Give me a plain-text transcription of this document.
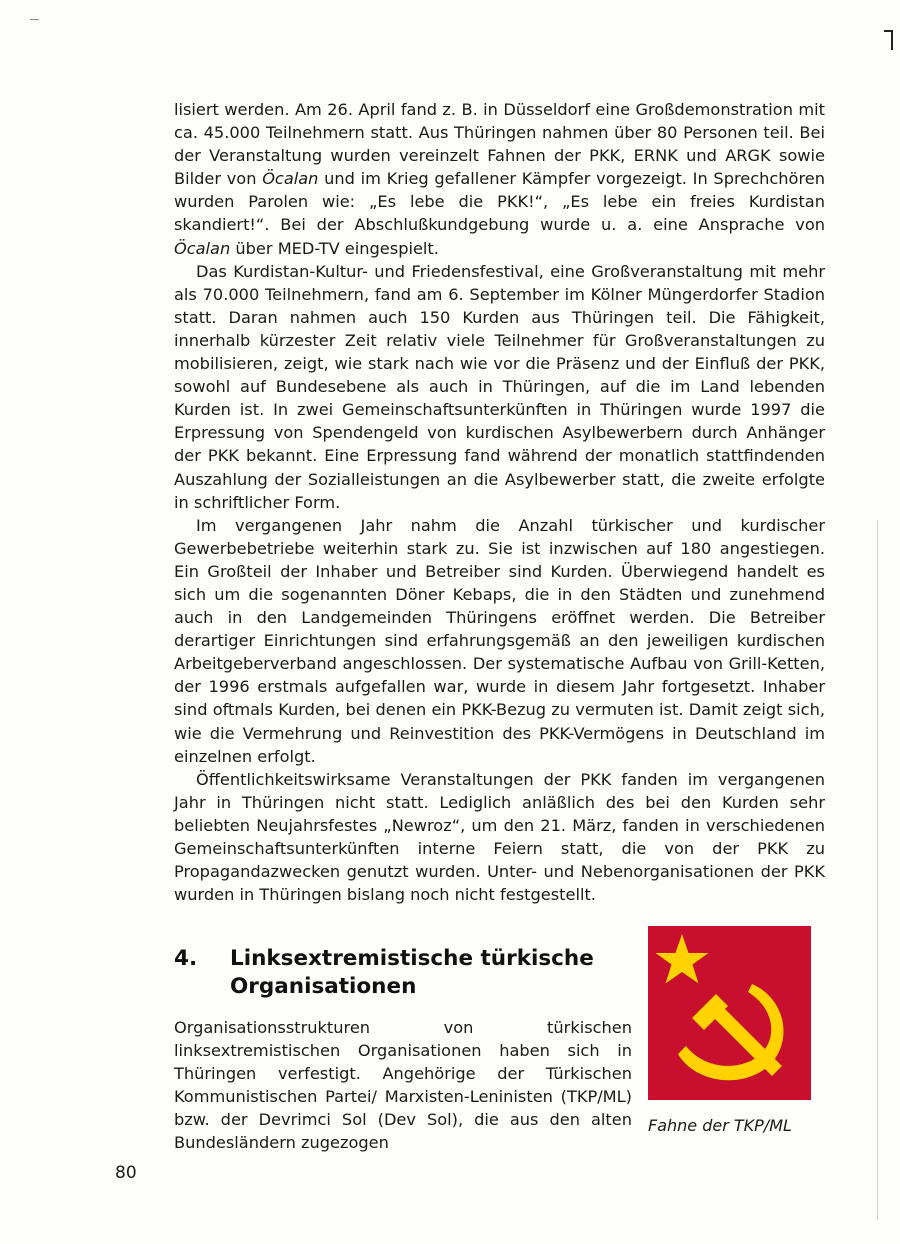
lisiert werden. Am 26. April fand z. B. in Düsseldorf eine Großdemonstration mit ca. 45.000 Teilnehmern statt. Aus Thüringen nahmen über 80 Personen teil. Bei der Veranstaltung wurden vereinzelt Fahnen der PKK, ERNK und ARGK sowie Bilder von Öcalan und im Krieg gefallener Kämpfer vorgezeigt. In Sprechchören wurden Parolen wie: „Es lebe die PKK!“, „Es lebe ein freies Kurdistan skandiert!“. Bei der Abschlußkundgebung wurde u. a. eine Ansprache von Öcalan über MED-TV eingespielt.

Das Kurdistan-Kultur- und Friedensfestival, eine Großveranstaltung mit mehr als 70.000 Teilnehmern, fand am 6. September im Kölner Müngerdorfer Stadion statt. Daran nahmen auch 150 Kurden aus Thüringen teil. Die Fähigkeit, innerhalb kürzester Zeit relativ viele Teilnehmer für Großveranstaltungen zu mobilisieren, zeigt, wie stark nach wie vor die Präsenz und der Einfluß der PKK, sowohl auf Bundesebene als auch in Thüringen, auf die im Land lebenden Kurden ist. In zwei Gemeinschaftsunterkünften in Thüringen wurde 1997 die Erpressung von Spendengeld von kurdischen Asylbewerbern durch Anhänger der PKK bekannt. Eine Erpressung fand während der monatlich stattfindenden Auszahlung der Sozialleistungen an die Asylbewerber statt, die zweite erfolgte in schriftlicher Form.

Im vergangenen Jahr nahm die Anzahl türkischer und kurdischer Gewerbebetriebe weiterhin stark zu. Sie ist inzwischen auf 180 angestiegen. Ein Großteil der Inhaber und Betreiber sind Kurden. Überwiegend handelt es sich um die sogenannten Döner Kebaps, die in den Städten und zunehmend auch in den Landgemeinden Thüringens eröffnet werden. Die Betreiber derartiger Einrichtungen sind erfahrungsgemäß an den jeweiligen kurdischen Arbeitgeberverband angeschlossen. Der systematische Aufbau von Grill-Ketten, der 1996 erstmals aufgefallen war, wurde in diesem Jahr fortgesetzt. Inhaber sind oftmals Kurden, bei denen ein PKK-Bezug zu vermuten ist. Damit zeigt sich, wie die Vermehrung und Reinvestition des PKK-Vermögens in Deutschland im einzelnen erfolgt.

Öffentlichkeitswirksame Veranstaltungen der PKK fanden im vergangenen Jahr in Thüringen nicht statt. Lediglich anläßlich des bei den Kurden sehr beliebten Neujahrsfestes „Newroz“, um den 21. März, fanden in verschiedenen Gemeinschaftsunterkünften interne Feiern statt, die von der PKK zu Propagandazwecken genutzt wurden. Unter- und Nebenorganisationen der PKK wurden in Thüringen bislang noch nicht festgestellt.

4.	Linksextremistische türkische Organisationen

Organisationsstrukturen von türkischen linksextremistischen Organisationen haben sich in Thüringen verfestigt. Angehörige der Türkischen Kommunistischen Partei/ Marxisten-Leninisten (TKP/ML) bzw. der Devrimci Sol (Dev Sol), die aus den alten Bundesländern zugezogen

Fahne der TKP/ML
80
